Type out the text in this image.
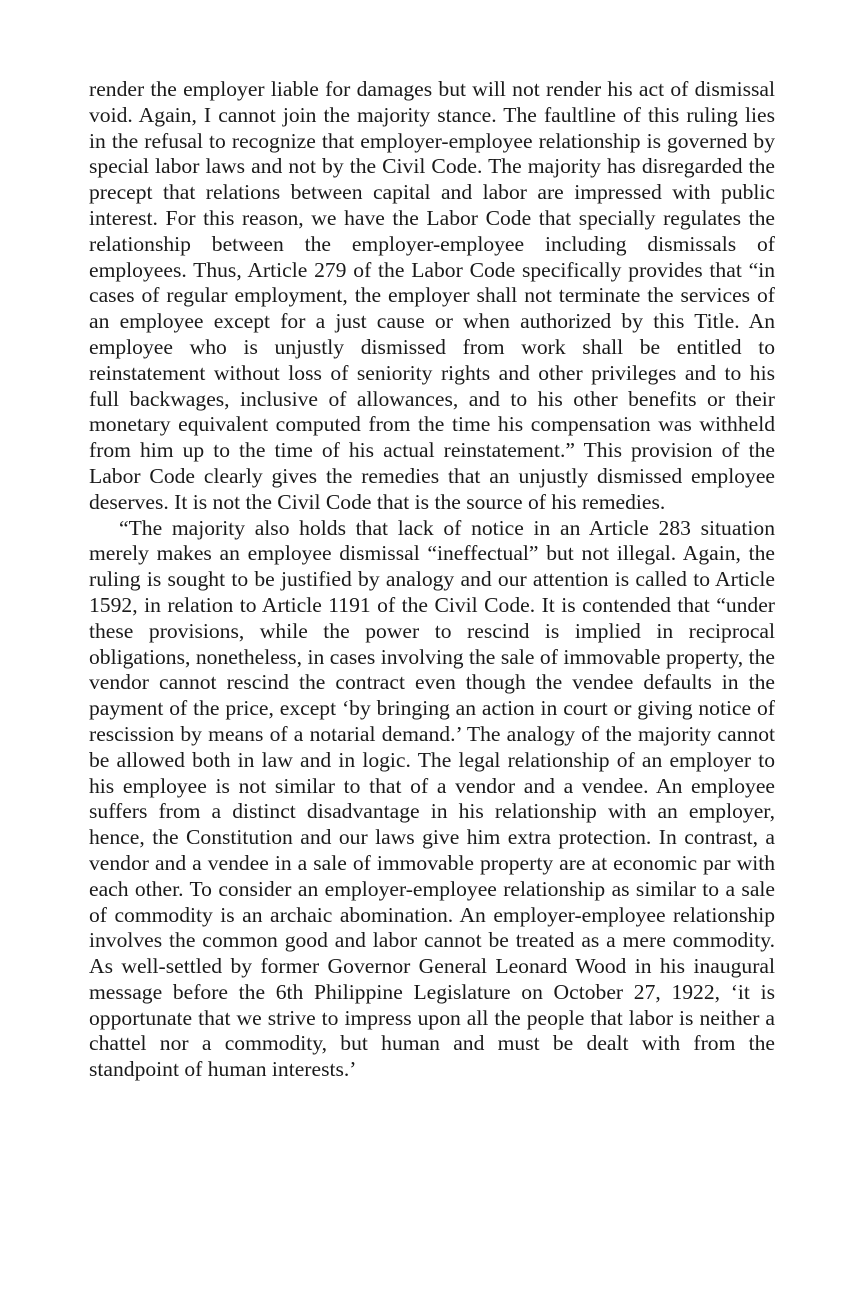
render the employer liable for damages but will not render his act of dismissal void. Again, I cannot join the majority stance. The faultline of this ruling lies in the refusal to recognize that employer-employee relationship is governed by special labor laws and not by the Civil Code. The majority has disregarded the precept that relations between capital and labor are impressed with public interest. For this reason, we have the Labor Code that specially regulates the relationship between the employer-employee including dismissals of employees. Thus, Article 279 of the Labor Code specifically provides that “in cases of regular employment, the employer shall not terminate the services of an employee except for a just cause or when authorized by this Title. An employee who is unjustly dismissed from work shall be entitled to reinstatement without loss of seniority rights and other privileges and to his full backwages, inclusive of allowances, and to his other benefits or their monetary equivalent computed from the time his compensation was withheld from him up to the time of his actual reinstatement.” This provision of the Labor Code clearly gives the remedies that an unjustly dismissed employee deserves. It is not the Civil Code that is the source of his remedies.

“The majority also holds that lack of notice in an Article 283 situation merely makes an employee dismissal “ineffectual” but not illegal. Again, the ruling is sought to be justified by analogy and our attention is called to Article 1592, in relation to Article 1191 of the Civil Code. It is contended that “under these provisions, while the power to rescind is implied in reciprocal obligations, nonetheless, in cases involving the sale of immovable property, the vendor cannot rescind the contract even though the vendee defaults in the payment of the price, except ‘by bringing an action in court or giving notice of rescission by means of a notarial demand.’ The analogy of the majority cannot be allowed both in law and in logic. The legal relationship of an employer to his employee is not similar to that of a vendor and a vendee. An employee suffers from a distinct disadvantage in his relationship with an employer, hence, the Constitution and our laws give him extra protection. In contrast, a vendor and a vendee in a sale of immovable property are at economic par with each other. To consider an employer-employee relationship as similar to a sale of commodity is an archaic abomination. An employer-employee relationship involves the common good and labor cannot be treated as a mere commodity. As well-settled by former Governor General Leonard Wood in his inaugural message before the 6th Philippine Legislature on October 27, 1922, ‘it is opportunate that we strive to impress upon all the people that labor is neither a chattel nor a commodity, but human and must be dealt with from the standpoint of human interests.’
